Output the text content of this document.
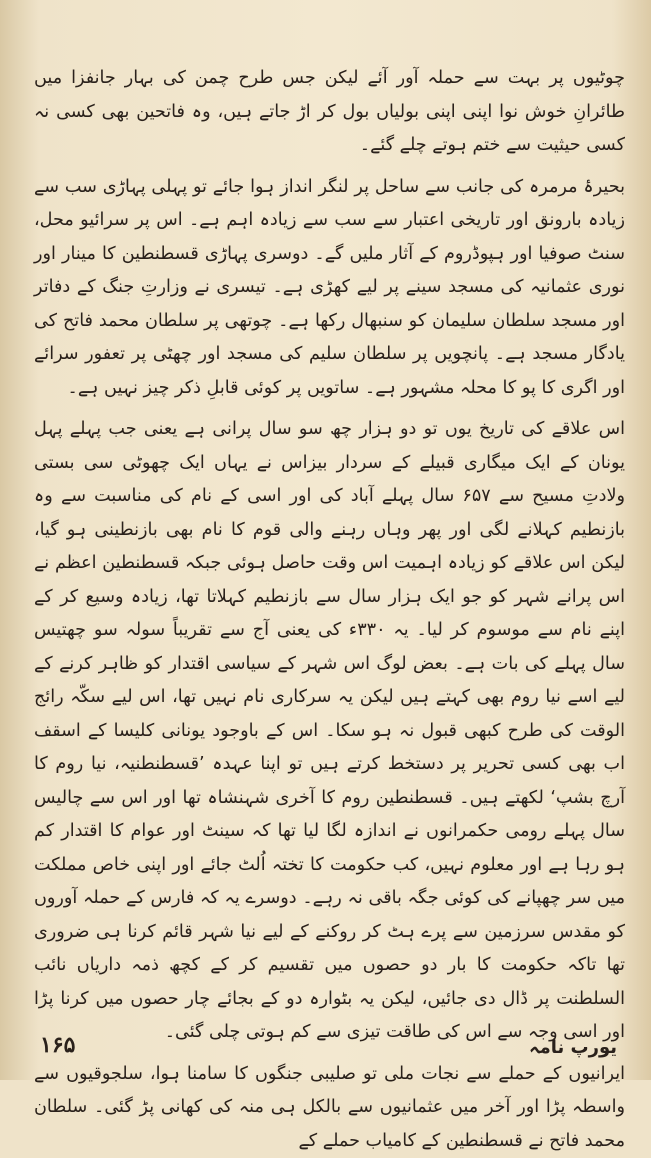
چوٹیوں پر بہت سے حملہ آور آئے لیکن جس طرح چمن کی بہار جانفزا میں طائرانِ خوش نوا اپنی اپنی بولیاں بول کر اڑ جاتے ہیں، وہ فاتحین بھی کسی نہ کسی حیثیت سے ختم ہوتے چلے گئے۔

بحیرۂ مرمرہ کی جانب سے ساحل پر لنگر انداز ہوا جائے تو پہلی پہاڑی سب سے زیادہ بارونق اور تاریخی اعتبار سے سب سے زیادہ اہم ہے۔ اس پر سرائیو محل، سنٹ صوفیا اور ہپوڈروم کے آثار ملیں گے۔ دوسری پہاڑی قسطنطین کا مینار اور نوری عثمانیہ کی مسجد سینے پر لیے کھڑی ہے۔ تیسری نے وزارتِ جنگ کے دفاتر اور مسجد سلطان سلیمان کو سنبھال رکھا ہے۔ چوتھی پر سلطان محمد فاتح کی یادگار مسجد ہے۔ پانچویں پر سلطان سلیم کی مسجد اور چھٹی پر تعفور سرائے اور اگری کا پو کا محلہ مشہور ہے۔ ساتویں پر کوئی قابلِ ذکر چیز نہیں ہے۔

اس علاقے کی تاریخ یوں تو دو ہزار چھ سو سال پرانی ہے یعنی جب پہلے پہل یونان کے ایک میگاری قبیلے کے سردار بیزاس نے یہاں ایک چھوٹی سی بستی ولادتِ مسیح سے ۶۵۷ سال پہلے آباد کی اور اسی کے نام کی مناسبت سے وہ بازنطیم کہلانے لگی اور پھر وہاں رہنے والی قوم کا نام بھی بازنطینی ہو گیا، لیکن اس علاقے کو زیادہ اہمیت اس وقت حاصل ہوئی جبکہ قسطنطین اعظم نے اس پرانے شہر کو جو ایک ہزار سال سے بازنطیم کہلاتا تھا، زیادہ وسیع کر کے اپنے نام سے موسوم کر لیا۔ یہ ۳۳۰ء کی یعنی آج سے تقریباً سولہ سو چھتیس سال پہلے کی بات ہے۔ بعض لوگ اس شہر کے سیاسی اقتدار کو ظاہر کرنے کے لیے اسے نیا روم بھی کہتے ہیں لیکن یہ سرکاری نام نہیں تھا، اس لیے سکّہ رائج الوقت کی طرح کبھی قبول نہ ہو سکا۔ اس کے باوجود یونانی کلیسا کے اسقف اب بھی کسی تحریر پر دستخط کرتے ہیں تو اپنا عہدہ ’قسطنطنیہ، نیا روم کا آرچ بشپ‘ لکھتے ہیں۔ قسطنطین روم کا آخری شہنشاہ تھا اور اس سے چالیس سال پہلے رومی حکمرانوں نے اندازہ لگا لیا تھا کہ سینٹ اور عوام کا اقتدار کم ہو رہا ہے اور معلوم نہیں، کب حکومت کا تختہ اُلٹ جائے اور اپنی خاص مملکت میں سر چھپانے کی کوئی جگہ باقی نہ رہے۔ دوسرے یہ کہ فارس کے حملہ آوروں کو مقدس سرزمین سے پرے ہٹ کر روکنے کے لیے نیا شہر قائم کرنا ہی ضروری تھا تاکہ حکومت کا بار دو حصوں میں تقسیم کر کے کچھ ذمہ داریاں نائب السلطنت پر ڈال دی جائیں، لیکن یہ بٹوارہ دو کے بجائے چار حصوں میں کرنا پڑا اور اسی وجہ سے اس کی طاقت تیزی سے کم ہوتی چلی گئی۔

ایرانیوں کے حملے سے نجات ملی تو صلیبی جنگوں کا سامنا ہوا، سلجوقیوں سے واسطہ پڑا اور آخر میں عثمانیوں سے بالکل ہی منہ کی کھانی پڑ گئی۔ سلطان محمد فاتح نے قسطنطین کے کامیاب حملے کے

۱۶۵	یورپ نامہ
